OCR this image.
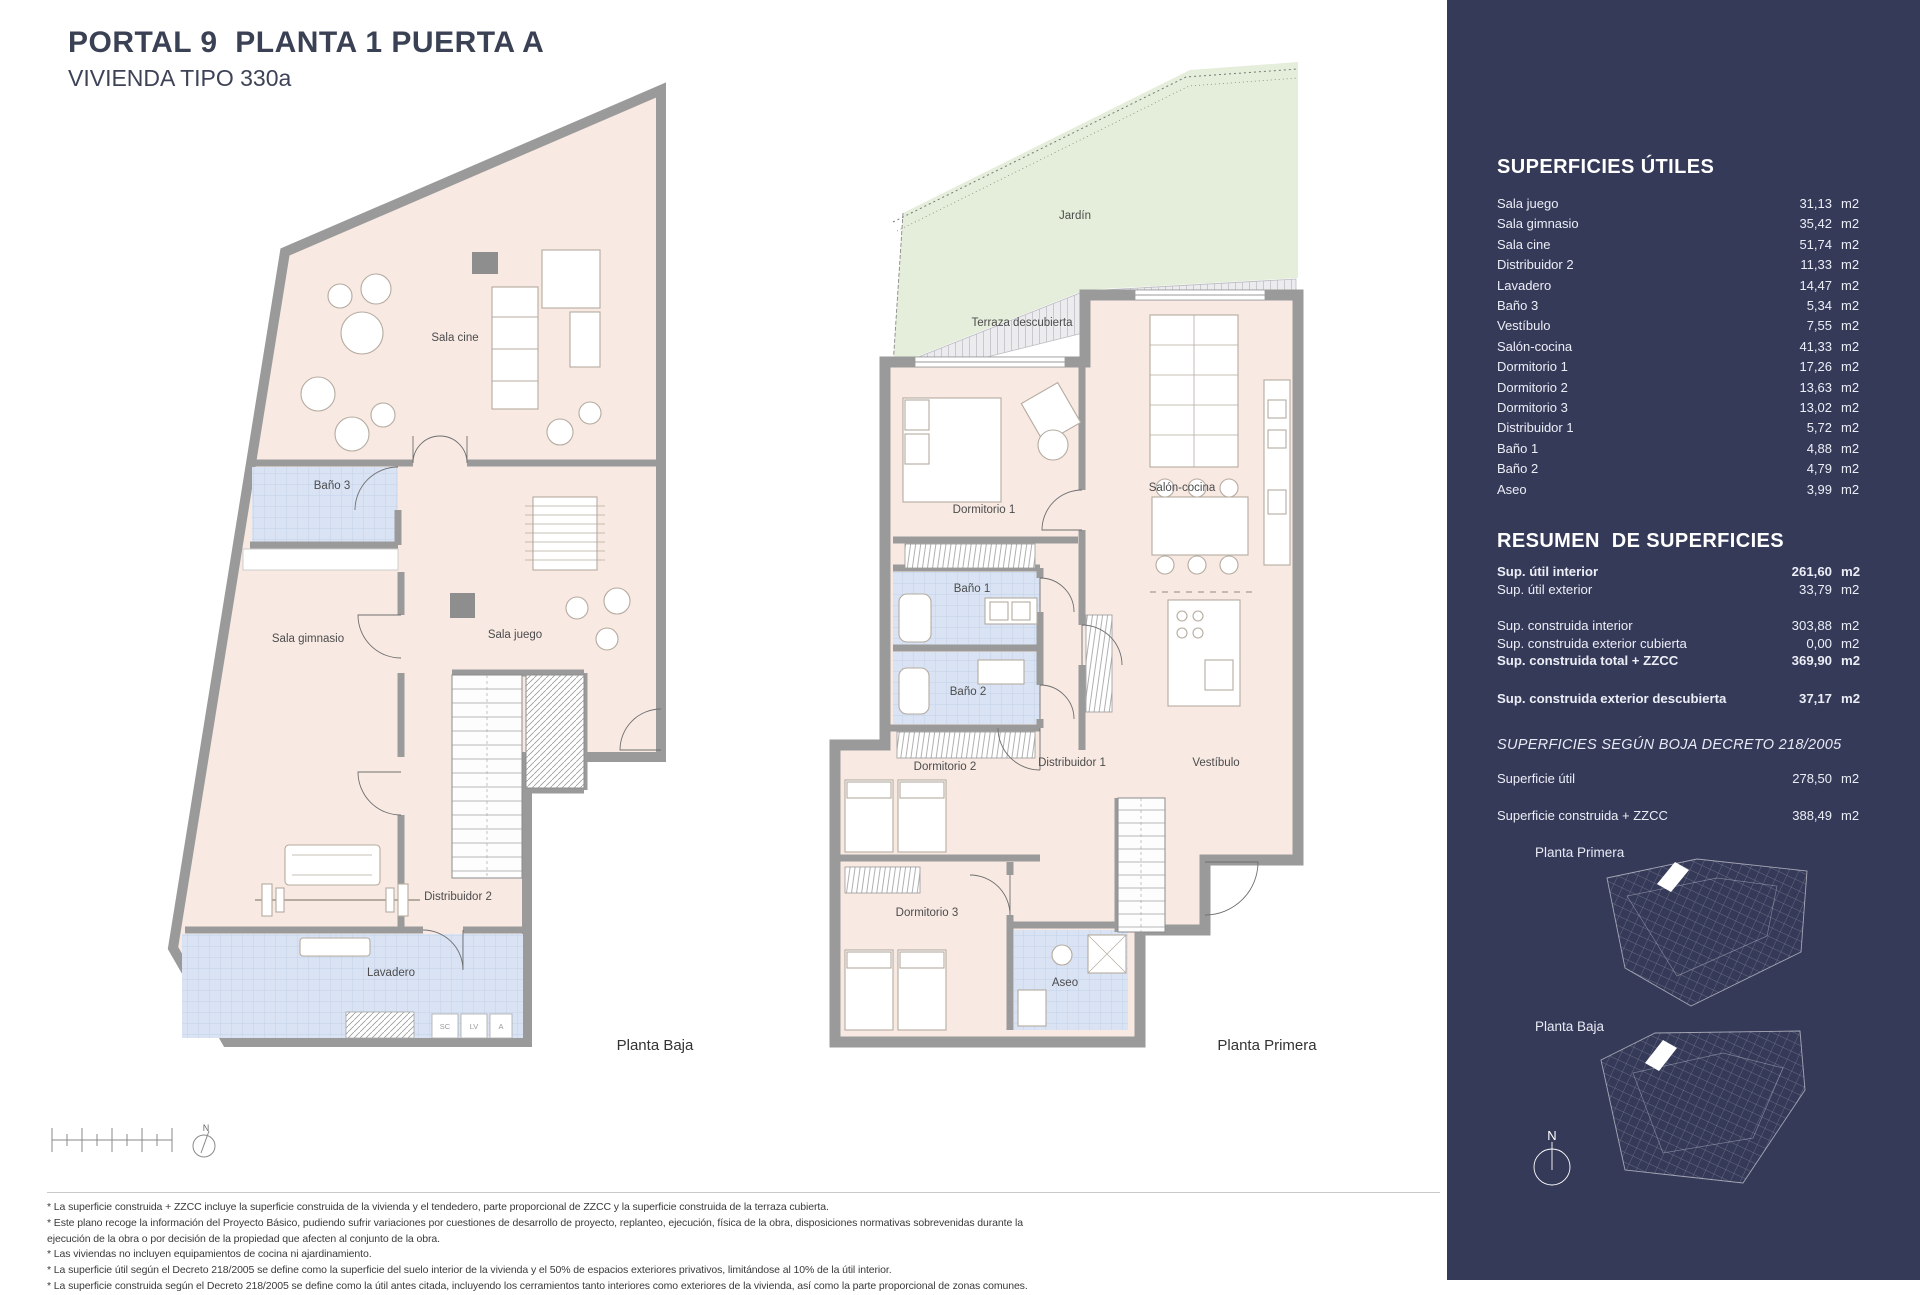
PORTAL 9  PLANTA 1 PUERTA A
VIVIENDA TIPO 330a
SC	LV	A
Sala cine
Baño 3
Sala gimnasio	Sala juego
Distribuidor 2
Lavadero
Planta Baja
Jardín
Terraza descubierta
Dormitorio 1
Salón-cocina
Baño 1
Baño 2
Dormitorio 2	Distribuidor 1	Vestíbulo
Dormitorio 3
Aseo
Planta Primera
N

* La superficie construida + ZZCC incluye la superficie construida de la vivienda y el tendedero, parte proporcional de ZZCC y la superficie construida de la terraza cubierta.

* Este plano recoge la información del Proyecto Básico, pudiendo sufrir variaciones por cuestiones de desarrollo de proyecto, replanteo, ejecución, física de la obra, disposiciones normativas sobrevenidas durante la ejecución de la obra o por decisión de la propiedad que afecten al conjunto de la obra.

* Las viviendas no incluyen equipamientos de cocina ni ajardinamiento.

* La superficie útil según el Decreto 218/2005 se define como la superficie del suelo interior de la vivienda y el 50% de espacios exteriores privativos, limitándose al 10% de la útil interior.

* La superficie construida según el Decreto 218/2005 se define como la útil antes citada, incluyendo los cerramientos tanto interiores como exteriores de la vivienda, así como la parte proporcional de zonas comunes.

SUPERFICIES ÚTILES
Sala juego	31,13 m2
Sala gimnasio	35,42 m2
Sala cine	51,74 m2
Distribuidor 2	11,33 m2
Lavadero	14,47 m2
Baño 3	5,34 m2
Vestíbulo	7,55 m2
Salón-cocina	41,33 m2
Dormitorio 1	17,26 m2
Dormitorio 2	13,63 m2
Dormitorio 3	13,02 m2
Distribuidor 1	5,72 m2
Baño 1	4,88 m2
Baño 2	4,79 m2
Aseo	3,99 m2
RESUMEN  DE SUPERFICIES
Sup. útil interior	261,60 m2
Sup. útil exterior	33,79 m2
Sup. construida interior	303,88 m2
Sup. construida exterior cubierta	0,00 m2
Sup. construida total + ZZCC	369,90 m2
Sup. construida exterior descubierta	37,17 m2
SUPERFICIES SEGÚN BOJA DECRETO 218/2005
Superficie útil	278,50 m2
Superficie construida + ZZCC	388,49 m2
Planta Primera
Planta Baja
N
